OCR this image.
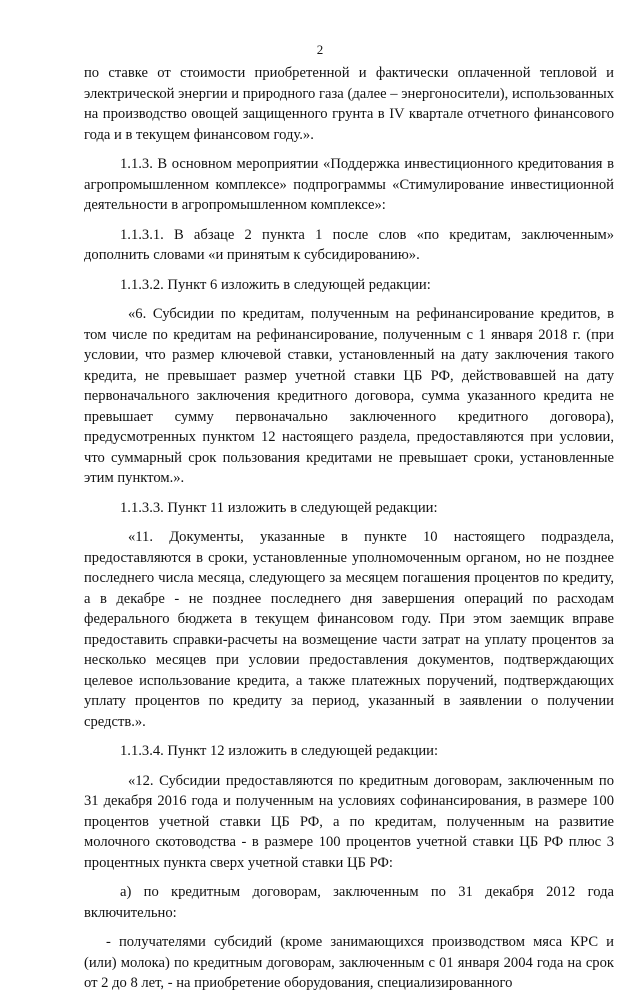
2

по ставке от стоимости приобретенной и фактически оплаченной тепловой и электрической энергии и природного газа (далее – энергоносители), использованных на производство овощей защищенного грунта в IV квартале отчетного финансового года и в текущем финансовом году.».

1.1.3. В основном мероприятии «Поддержка инвестиционного кредитования в агропромышленном комплексе» подпрограммы «Стимулирование инвестиционной деятельности в агропромышленном комплексе»:

1.1.3.1. В абзаце 2 пункта 1 после слов «по кредитам, заключенным» дополнить словами «и принятым к субсидированию».

1.1.3.2. Пункт 6 изложить в следующей редакции:

«6. Субсидии по кредитам, полученным на рефинансирование кредитов, в том числе по кредитам на рефинансирование, полученным с 1 января 2018 г. (при условии, что размер ключевой ставки, установленный на дату заключения такого кредита, не превышает размер учетной ставки ЦБ РФ, действовавшей на дату первоначального заключения кредитного договора, сумма указанного кредита не превышает сумму первоначально заключенного кредитного договора), предусмотренных пунктом 12 настоящего раздела, предоставляются при условии, что суммарный срок пользования кредитами не превышает сроки, установленные этим пунктом.».

1.1.3.3. Пункт 11 изложить в следующей редакции:

«11. Документы, указанные в пункте 10 настоящего подраздела, предоставляются в сроки, установленные уполномоченным органом, но не позднее последнего числа месяца, следующего за месяцем погашения процентов по кредиту, а в декабре - не позднее последнего дня завершения операций по расходам федерального бюджета в текущем финансовом году. При этом заемщик вправе предоставить справки-расчеты на возмещение части затрат на уплату процентов за несколько месяцев при условии предоставления документов, подтверждающих целевое использование кредита, а также платежных поручений, подтверждающих уплату процентов по кредиту за период, указанный в заявлении о получении средств.».

1.1.3.4. Пункт 12 изложить в следующей редакции:

«12. Субсидии предоставляются по кредитным договорам, заключенным по 31 декабря 2016 года и полученным на условиях софинансирования, в размере 100 процентов учетной ставки ЦБ РФ, а по кредитам, полученным на развитие молочного скотоводства - в размере 100 процентов учетной ставки ЦБ РФ плюс 3 процентных пункта сверх учетной ставки ЦБ РФ:

а) по кредитным договорам, заключенным по 31 декабря 2012 года включительно:

- получателями субсидий (кроме занимающихся производством мяса КРС и (или) молока) по кредитным договорам, заключенным с 01 января 2004 года на срок от 2 до 8 лет, - на приобретение оборудования, специализированного
